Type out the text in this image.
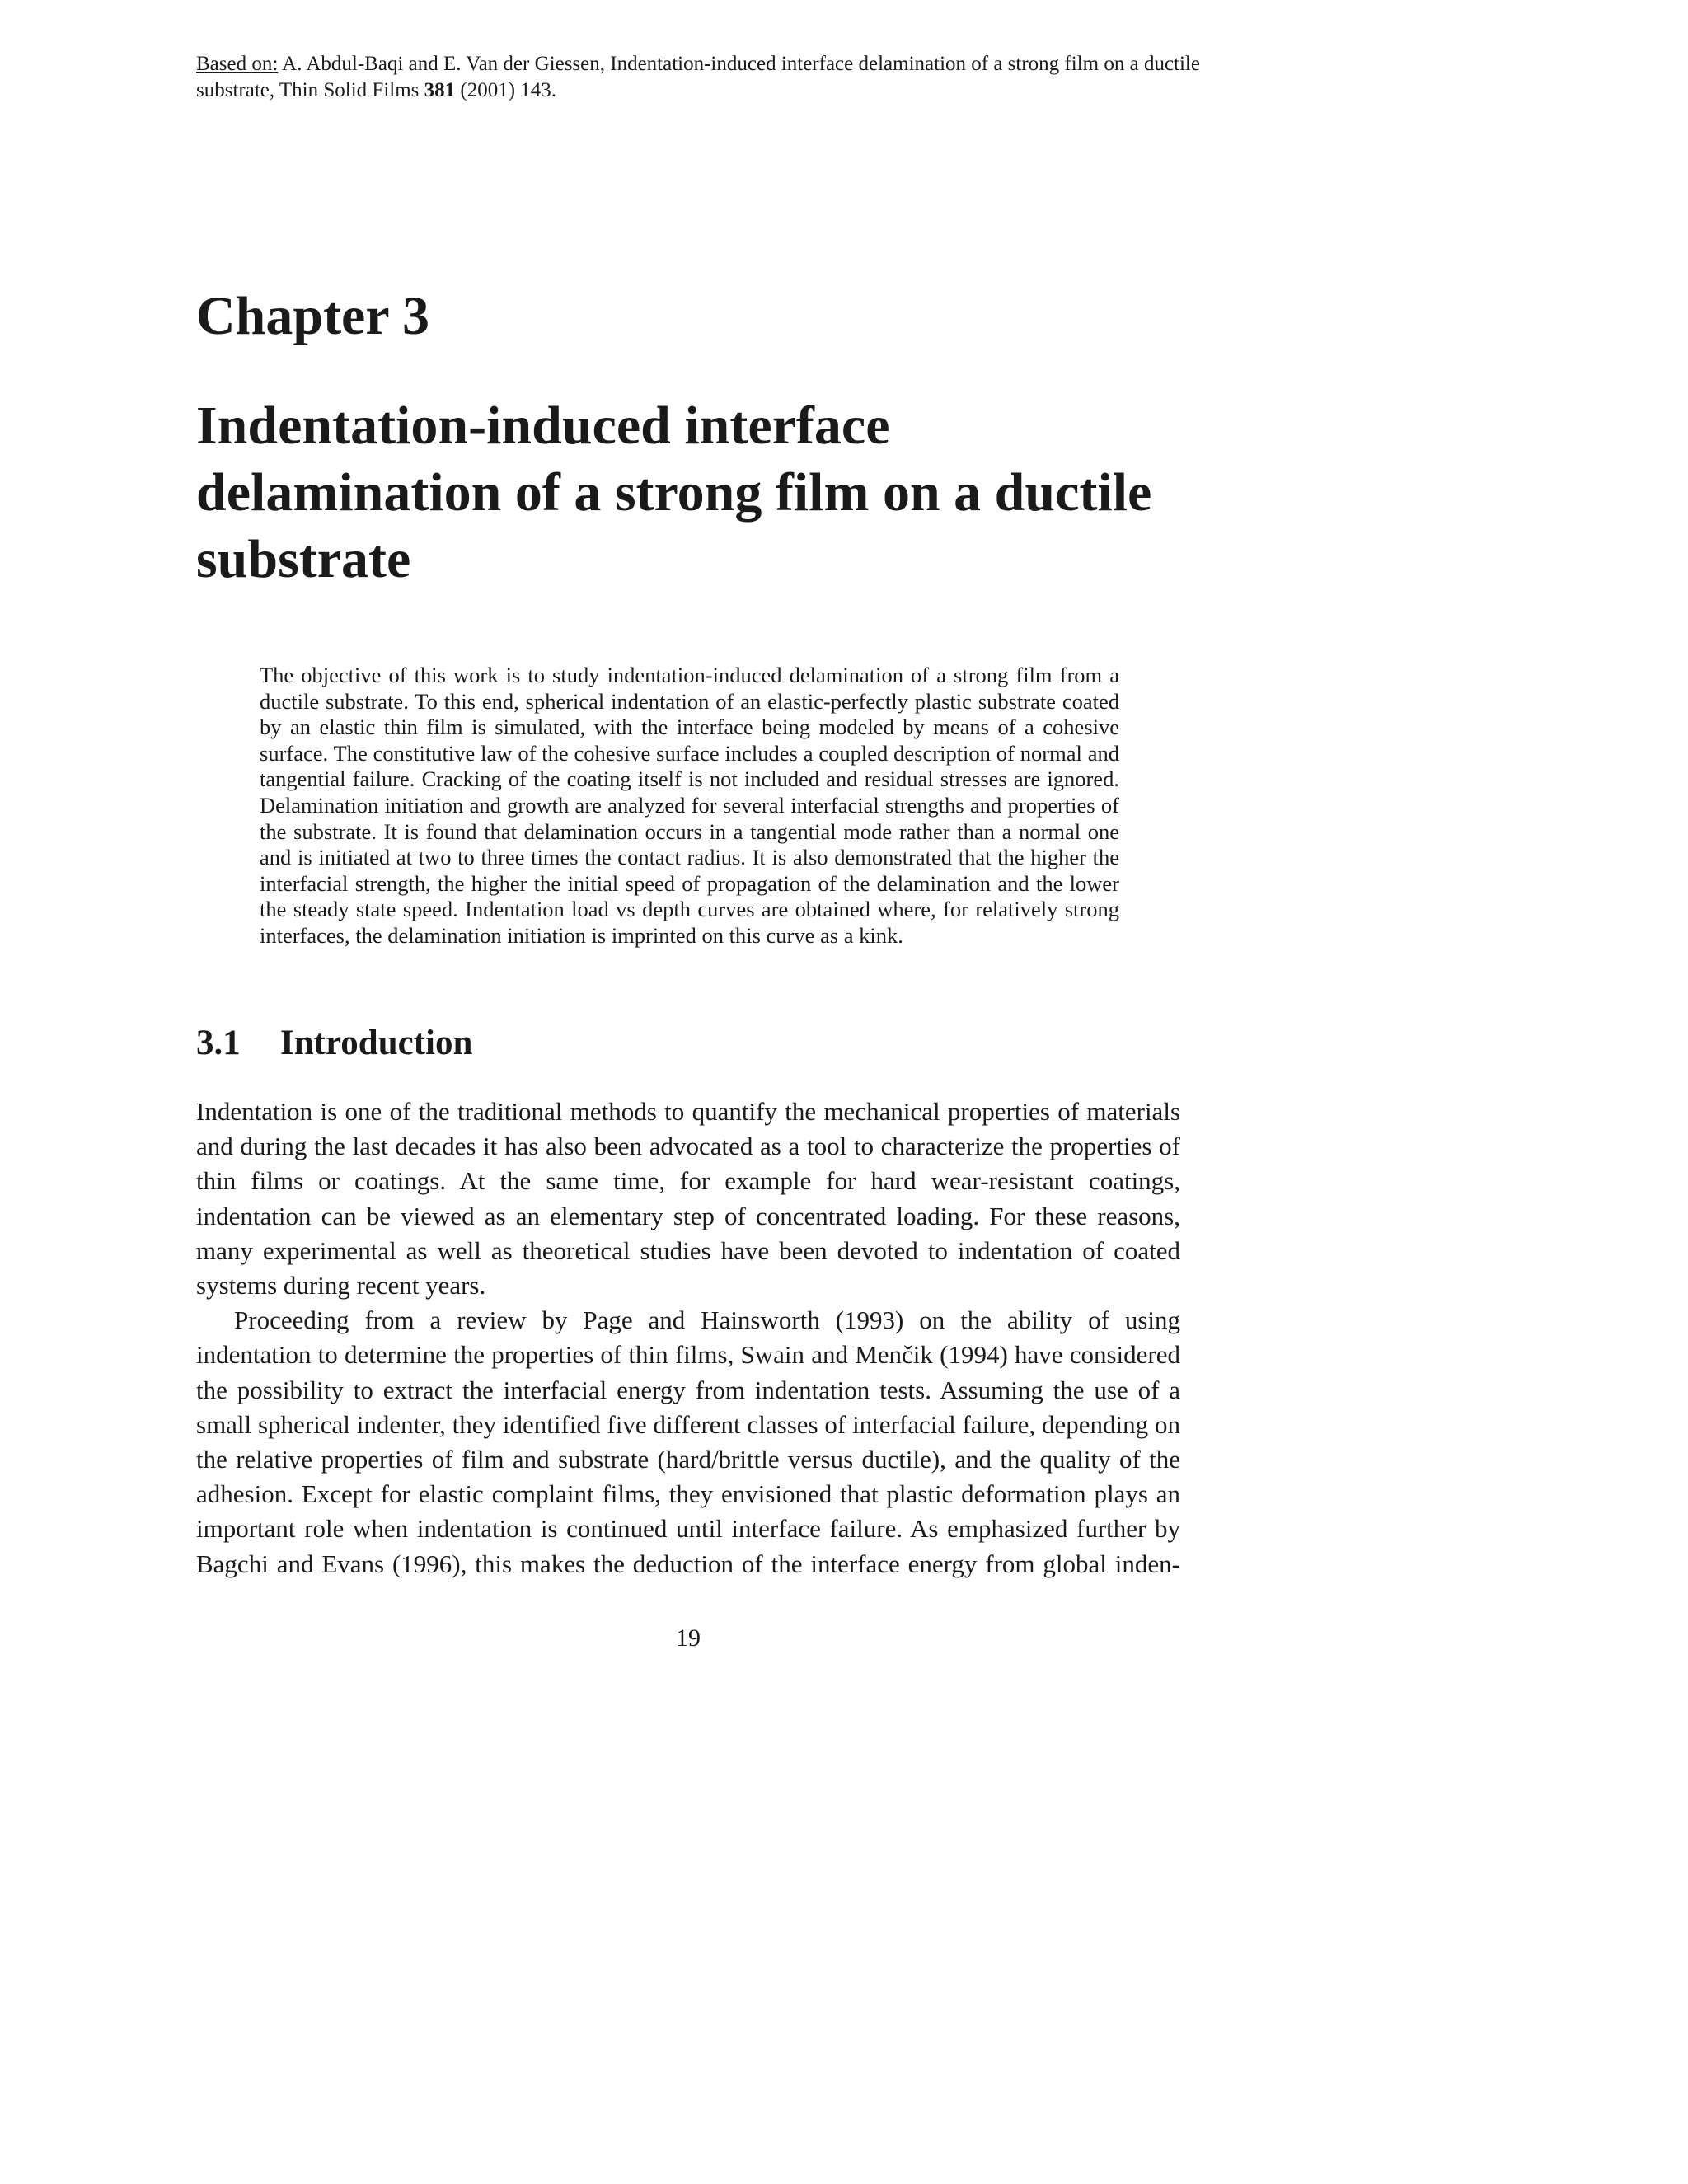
Based on: A. Abdul-Baqi and E. Van der Giessen, Indentation-induced interface delamination of a strong film on a ductile substrate, Thin Solid Films 381 (2001) 143.
Chapter 3
Indentation-induced interface
delamination of a strong film on a ductile
substrate

The objective of this work is to study indentation-induced delamination of a strong film from a ductile substrate. To this end, spherical indentation of an elastic-perfectly plastic substrate coated by an elastic thin film is simulated, with the interface being modeled by means of a cohesive surface. The constitutive law of the cohesive surface includes a coupled description of normal and tangential failure. Cracking of the coating itself is not included and residual stresses are ignored. Delamination initiation and growth are analyzed for several interfacial strengths and properties of the substrate. It is found that delamination occurs in a tangential mode rather than a normal one and is initiated at two to three times the contact radius. It is also demonstrated that the higher the interfacial strength, the higher the initial speed of propagation of the delamination and the lower the steady state speed. Indentation load vs depth curves are obtained where, for relatively strong interfaces, the delamination initiation is imprinted on this curve as a kink.

3.1 Introduction

Indentation is one of the traditional methods to quantify the mechanical properties of materials and during the last decades it has also been advocated as a tool to characterize the properties of thin films or coatings. At the same time, for example for hard wear-resistant coatings, indentation can be viewed as an elementary step of concentrated loading. For these reasons, many experimental as well as theoretical studies have been devoted to indentation of coated systems during recent years.

Proceeding from a review by Page and Hainsworth (1993) on the ability of using indentation to determine the properties of thin films, Swain and Menčik (1994) have considered the possibility to extract the interfacial energy from indentation tests. Assuming the use of a small spherical indenter, they identified five different classes of interfacial failure, depending on the relative properties of film and substrate (hard/brittle versus ductile), and the quality of the adhesion. Except for elastic complaint films, they envisioned that plastic deformation plays an important role when indentation is continued until interface failure. As emphasized further by Bagchi and Evans (1996), this makes the deduction of the interface energy from global inden-

19
